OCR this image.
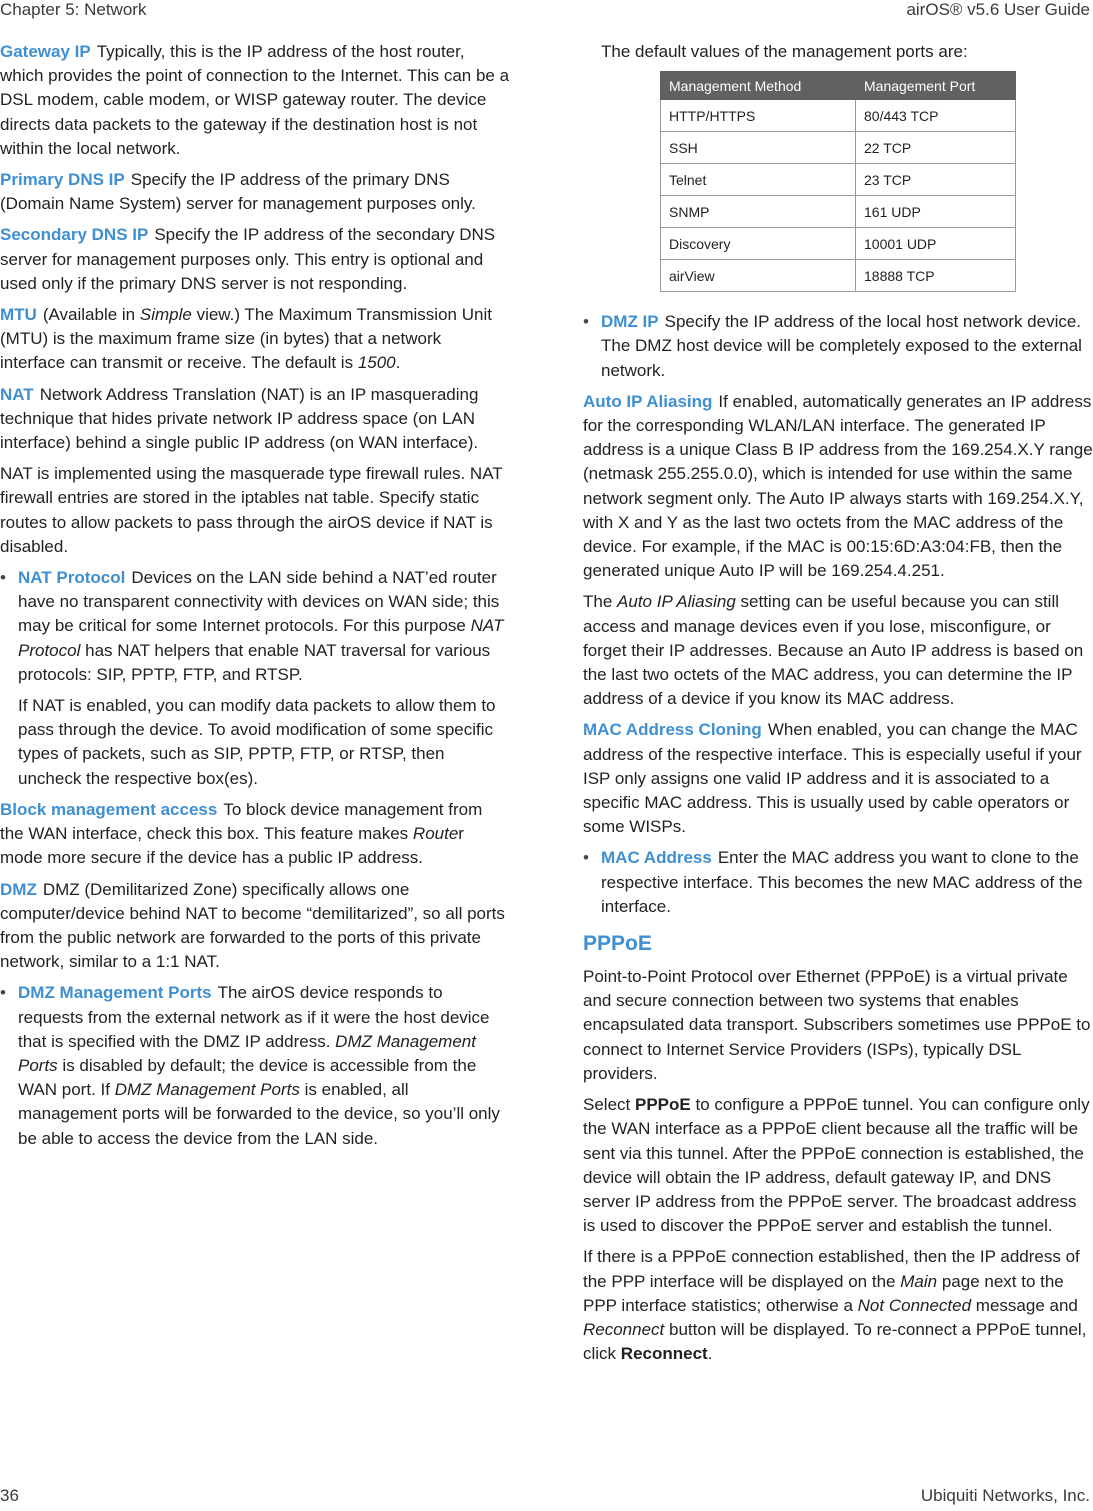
Chapter 5: Network	airOS® v5.6 User Guide

Gateway IP Typically, this is the IP address of the host router, which provides the point of connection to the Internet. This can be a DSL modem, cable modem, or WISP gateway router. The device directs data packets to the gateway if the destination host is not within the local network.

Primary DNS IP Specify the IP address of the primary DNS (Domain Name System) server for management purposes only.

Secondary DNS IP Specify the IP address of the secondary DNS server for management purposes only. This entry is optional and used only if the primary DNS server is not responding.

MTU (Available in Simple view.) The Maximum Transmission Unit (MTU) is the maximum frame size (in bytes) that a network interface can transmit or receive. The default is 1500.

NAT Network Address Translation (NAT) is an IP masquerading technique that hides private network IP address space (on LAN interface) behind a single public IP address (on WAN interface).

NAT is implemented using the masquerade type firewall rules. NAT firewall entries are stored in the iptables nat table. Specify static routes to allow packets to pass through the airOS device if NAT is disabled.

• NAT Protocol Devices on the LAN side behind a NAT’ed router have no transparent connectivity with devices on WAN side; this may be critical for some Internet protocols. For this purpose NAT Protocol has NAT helpers that enable NAT traversal for various protocols: SIP, PPTP, FTP, and RTSP.

If NAT is enabled, you can modify data packets to allow them to pass through the device. To avoid modification of some specific types of packets, such as SIP, PPTP, FTP, or RTSP, then uncheck the respective box(es).

Block management access To block device management from the WAN interface, check this box. This feature makes Router mode more secure if the device has a public IP address.

DMZ DMZ (Demilitarized Zone) specifically allows one computer/device behind NAT to become “demilitarized”, so all ports from the public network are forwarded to the ports of this private network, similar to a 1:1 NAT.

• DMZ Management Ports The airOS device responds to requests from the external network as if it were the host device that is specified with the DMZ IP address. DMZ Management Ports is disabled by default; the device is accessible from the WAN port. If DMZ Management Ports is enabled, all management ports will be forwarded to the device, so you’ll only be able to access the device from the LAN side.

The default values of the management ports are:

Management Method	Management Port
HTTP/HTTPS	80/443 TCP
SSH	22 TCP
Telnet	23 TCP
SNMP	161 UDP
Discovery	10001 UDP
airView	18888 TCP
• DMZ IP Specify the IP address of the local host network device. The DMZ host device will be completely exposed to the external network.

Auto IP Aliasing If enabled, automatically generates an IP address for the corresponding WLAN/LAN interface. The generated IP address is a unique Class B IP address from the 169.254.X.Y range (netmask 255.255.0.0), which is intended for use within the same network segment only. The Auto IP always starts with 169.254.X.Y, with X and Y as the last two octets from the MAC address of the device. For example, if the MAC is 00:15:6D:A3:04:FB, then the generated unique Auto IP will be 169.254.4.251.

The Auto IP Aliasing setting can be useful because you can still access and manage devices even if you lose, misconfigure, or forget their IP addresses. Because an Auto IP address is based on the last two octets of the MAC address, you can determine the IP address of a device if you know its MAC address.

MAC Address Cloning When enabled, you can change the MAC address of the respective interface. This is especially useful if your ISP only assigns one valid IP address and it is associated to a specific MAC address. This is usually used by cable operators or some WISPs.

• MAC Address Enter the MAC address you want to clone to the respective interface. This becomes the new MAC address of the interface.
PPPoE

Point-to-Point Protocol over Ethernet (PPPoE) is a virtual private and secure connection between two systems that enables encapsulated data transport. Subscribers sometimes use PPPoE to connect to Internet Service Providers (ISPs), typically DSL providers.

Select PPPoE to configure a PPPoE tunnel. You can configure only the WAN interface as a PPPoE client because all the traffic will be sent via this tunnel. After the PPPoE connection is established, the device will obtain the IP address, default gateway IP, and DNS server IP address from the PPPoE server. The broadcast address is used to discover the PPPoE server and establish the tunnel.

If there is a PPPoE connection established, then the IP address of the PPP interface will be displayed on the Main page next to the PPP interface statistics; otherwise a Not Connected message and Reconnect button will be displayed. To re-connect a PPPoE tunnel, click Reconnect.

36	Ubiquiti Networks, Inc.
